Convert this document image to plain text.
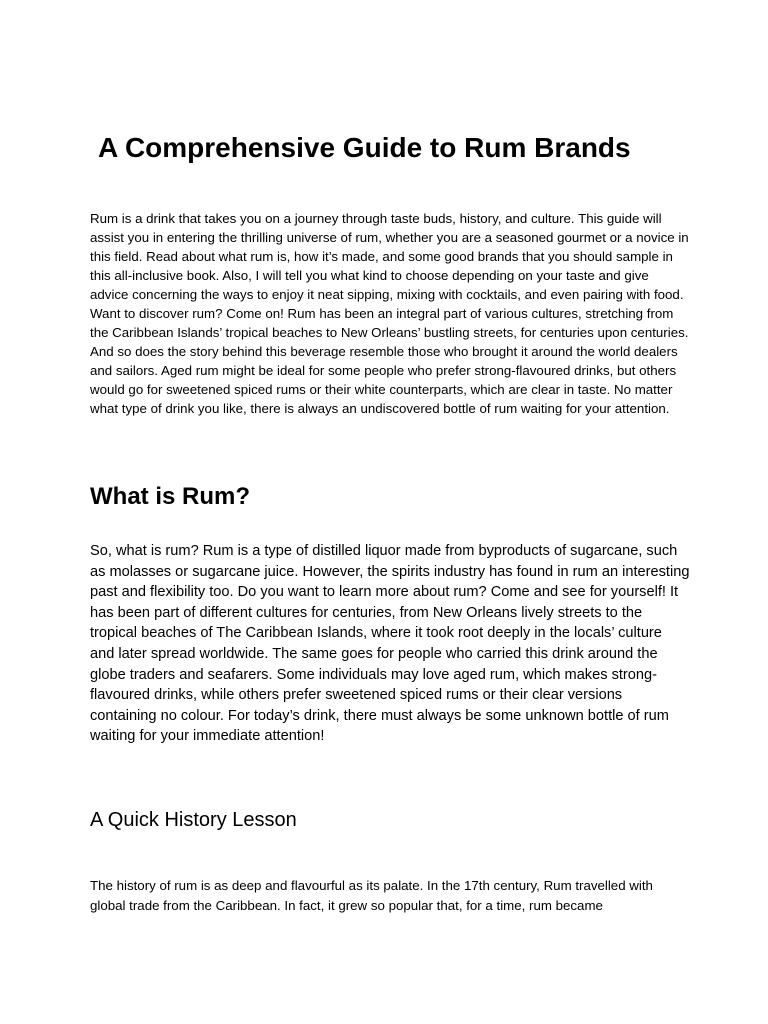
A Comprehensive Guide to Rum Brands

Rum is a drink that takes you on a journey through taste buds, history, and culture. This guide will assist you in entering the thrilling universe of rum, whether you are a seasoned gourmet or a novice in this field. Read about what rum is, how it’s made, and some good brands that you should sample in this all-inclusive book. Also, I will tell you what kind to choose depending on your taste and give advice concerning the ways to enjoy it neat sipping, mixing with cocktails, and even pairing with food. Want to discover rum? Come on! Rum has been an integral part of various cultures, stretching from the Caribbean Islands’ tropical beaches to New Orleans’ bustling streets, for centuries upon centuries. And so does the story behind this beverage resemble those who brought it around the world dealers and sailors. Aged rum might be ideal for some people who prefer strong-flavoured drinks, but others would go for sweetened spiced rums or their white counterparts, which are clear in taste. No matter what type of drink you like, there is always an undiscovered bottle of rum waiting for your attention.

What is Rum?

So, what is rum? Rum is a type of distilled liquor made from byproducts of sugarcane, such as molasses or sugarcane juice. However, the spirits industry has found in rum an interesting past and flexibility too. Do you want to learn more about rum? Come and see for yourself! It has been part of different cultures for centuries, from New Orleans lively streets to the tropical beaches of The Caribbean Islands, where it took root deeply in the locals’ culture and later spread worldwide. The same goes for people who carried this drink around the globe traders and seafarers. Some individuals may love aged rum, which makes strong-flavoured drinks, while others prefer sweetened spiced rums or their clear versions containing no colour. For today’s drink, there must always be some unknown bottle of rum waiting for your immediate attention!

A Quick History Lesson

The history of rum is as deep and flavourful as its palate. In the 17th century, Rum travelled with global trade from the Caribbean. In fact, it grew so popular that, for a time, rum became
